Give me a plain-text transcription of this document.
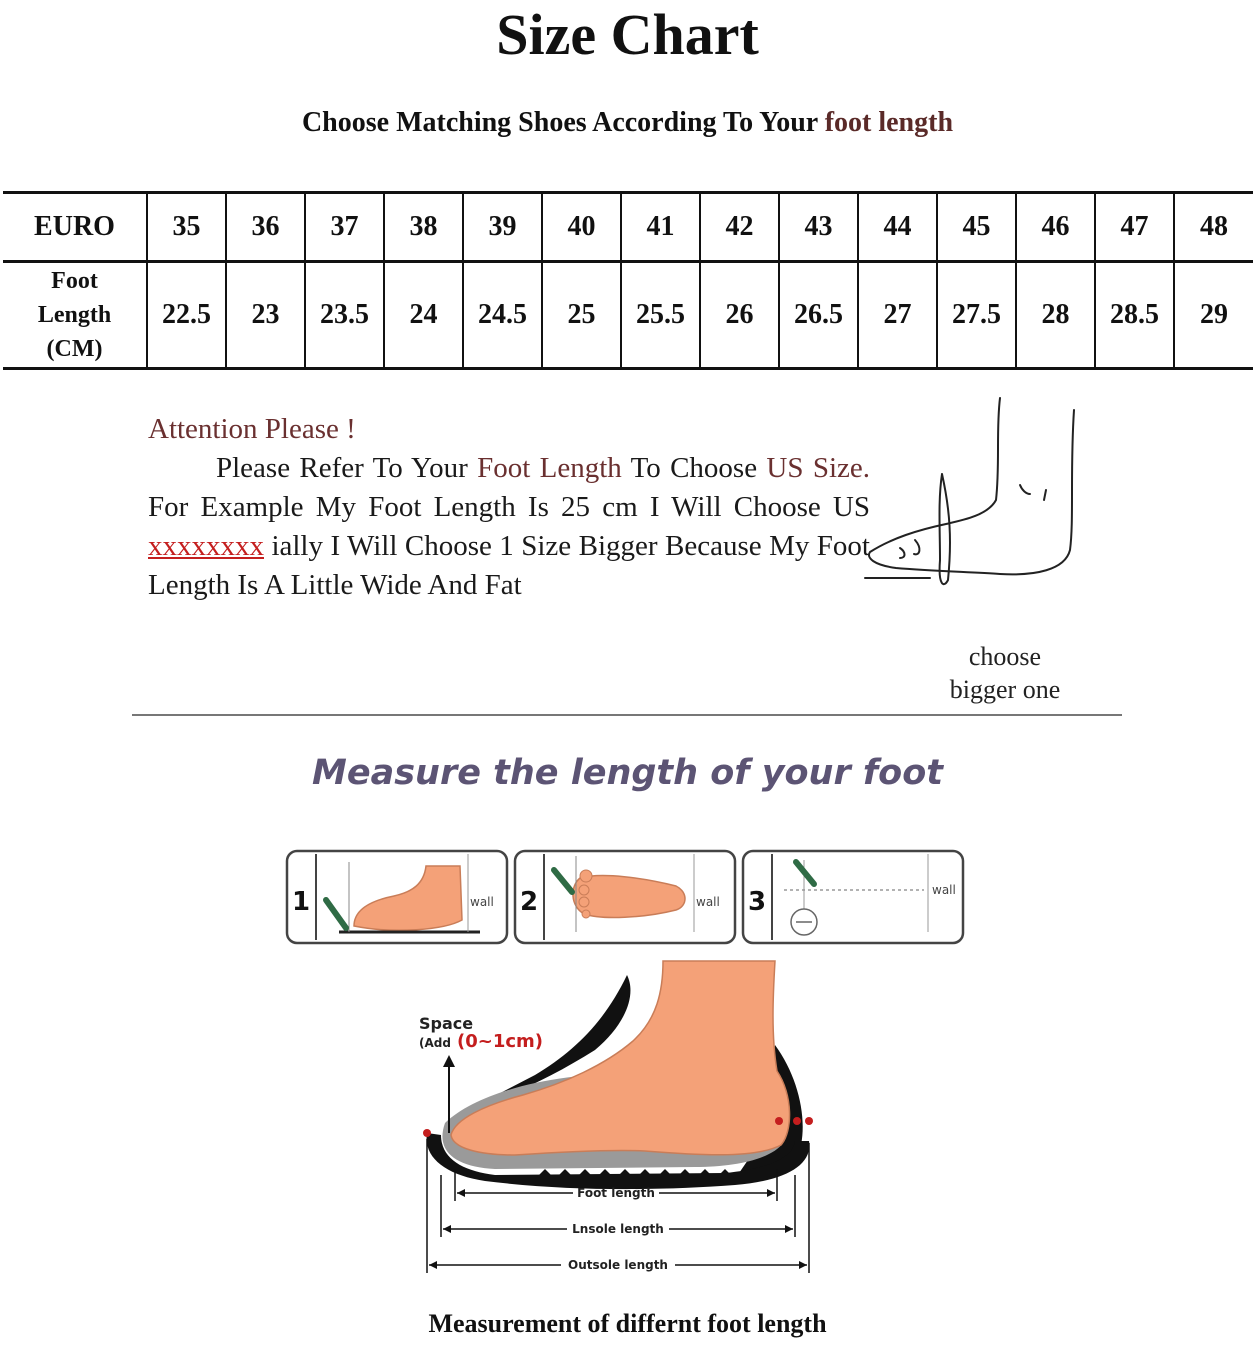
Size Chart
Choose Matching Shoes According To Your foot length
EURO	35	36	37	38	39	40	41	42	43	44	45	46	47	48
Foot
Length
(CM)	22.5	23	23.5	24	24.5	25	25.5	26	26.5	27	27.5	28	28.5	29
Attention Please !
Please Refer To Your Foot Length To Choose US Size. For Example My Foot Length Is 25 cm I Will Choose US xxxxxxxx ially I Will Choose 1 Size Bigger Because My Foot Length Is A Little Wide And Fat
choose
bigger one
Measure the length of your foot
1	wall 2	wall 3	wall
Space
(Add (0~1cm)
Foot length
Lnsole length
Outsole length
Measurement of differnt foot length
